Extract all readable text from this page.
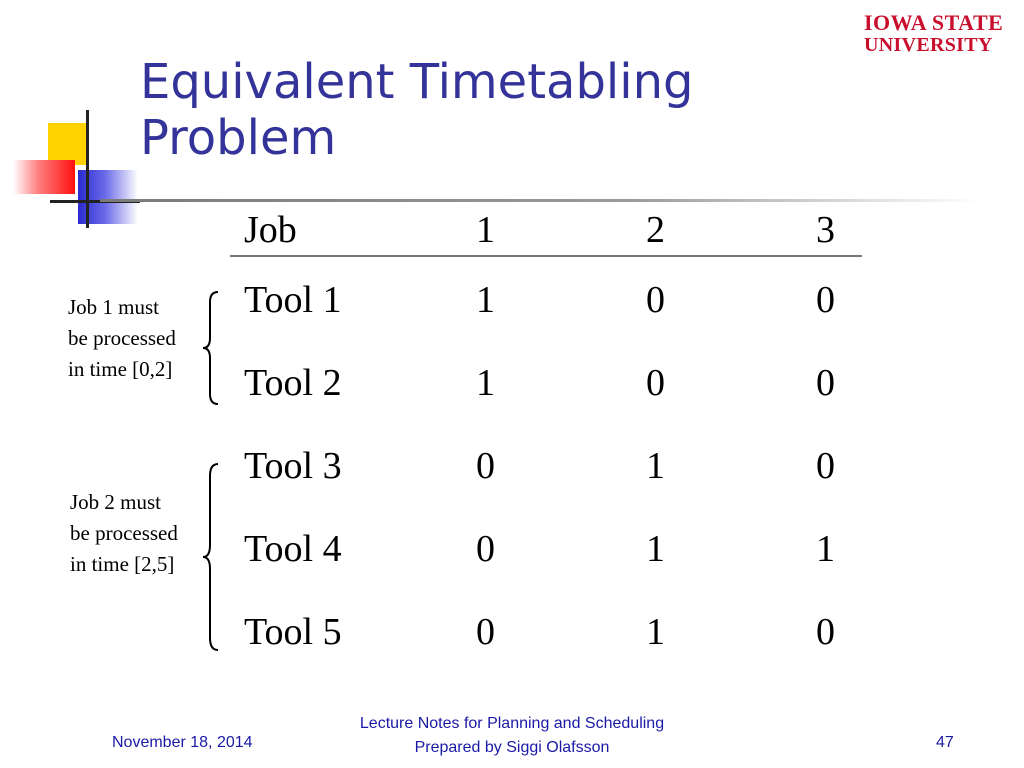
Equivalent Timetabling
Problem
IOWA STATE
UNIVERSITY
Job	1	2	3
Tool 1	1	0	0
Tool 2	1	0	0
Tool 3	0	1	0
Tool 4	0	1	1
Tool 5	0	1	0
Job 1 must
be processed
in time [0,2]
Job 2 must
be processed
in time [2,5]
November 18, 2014
Lecture Notes for Planning and Scheduling
Prepared by Siggi Olafsson	47
